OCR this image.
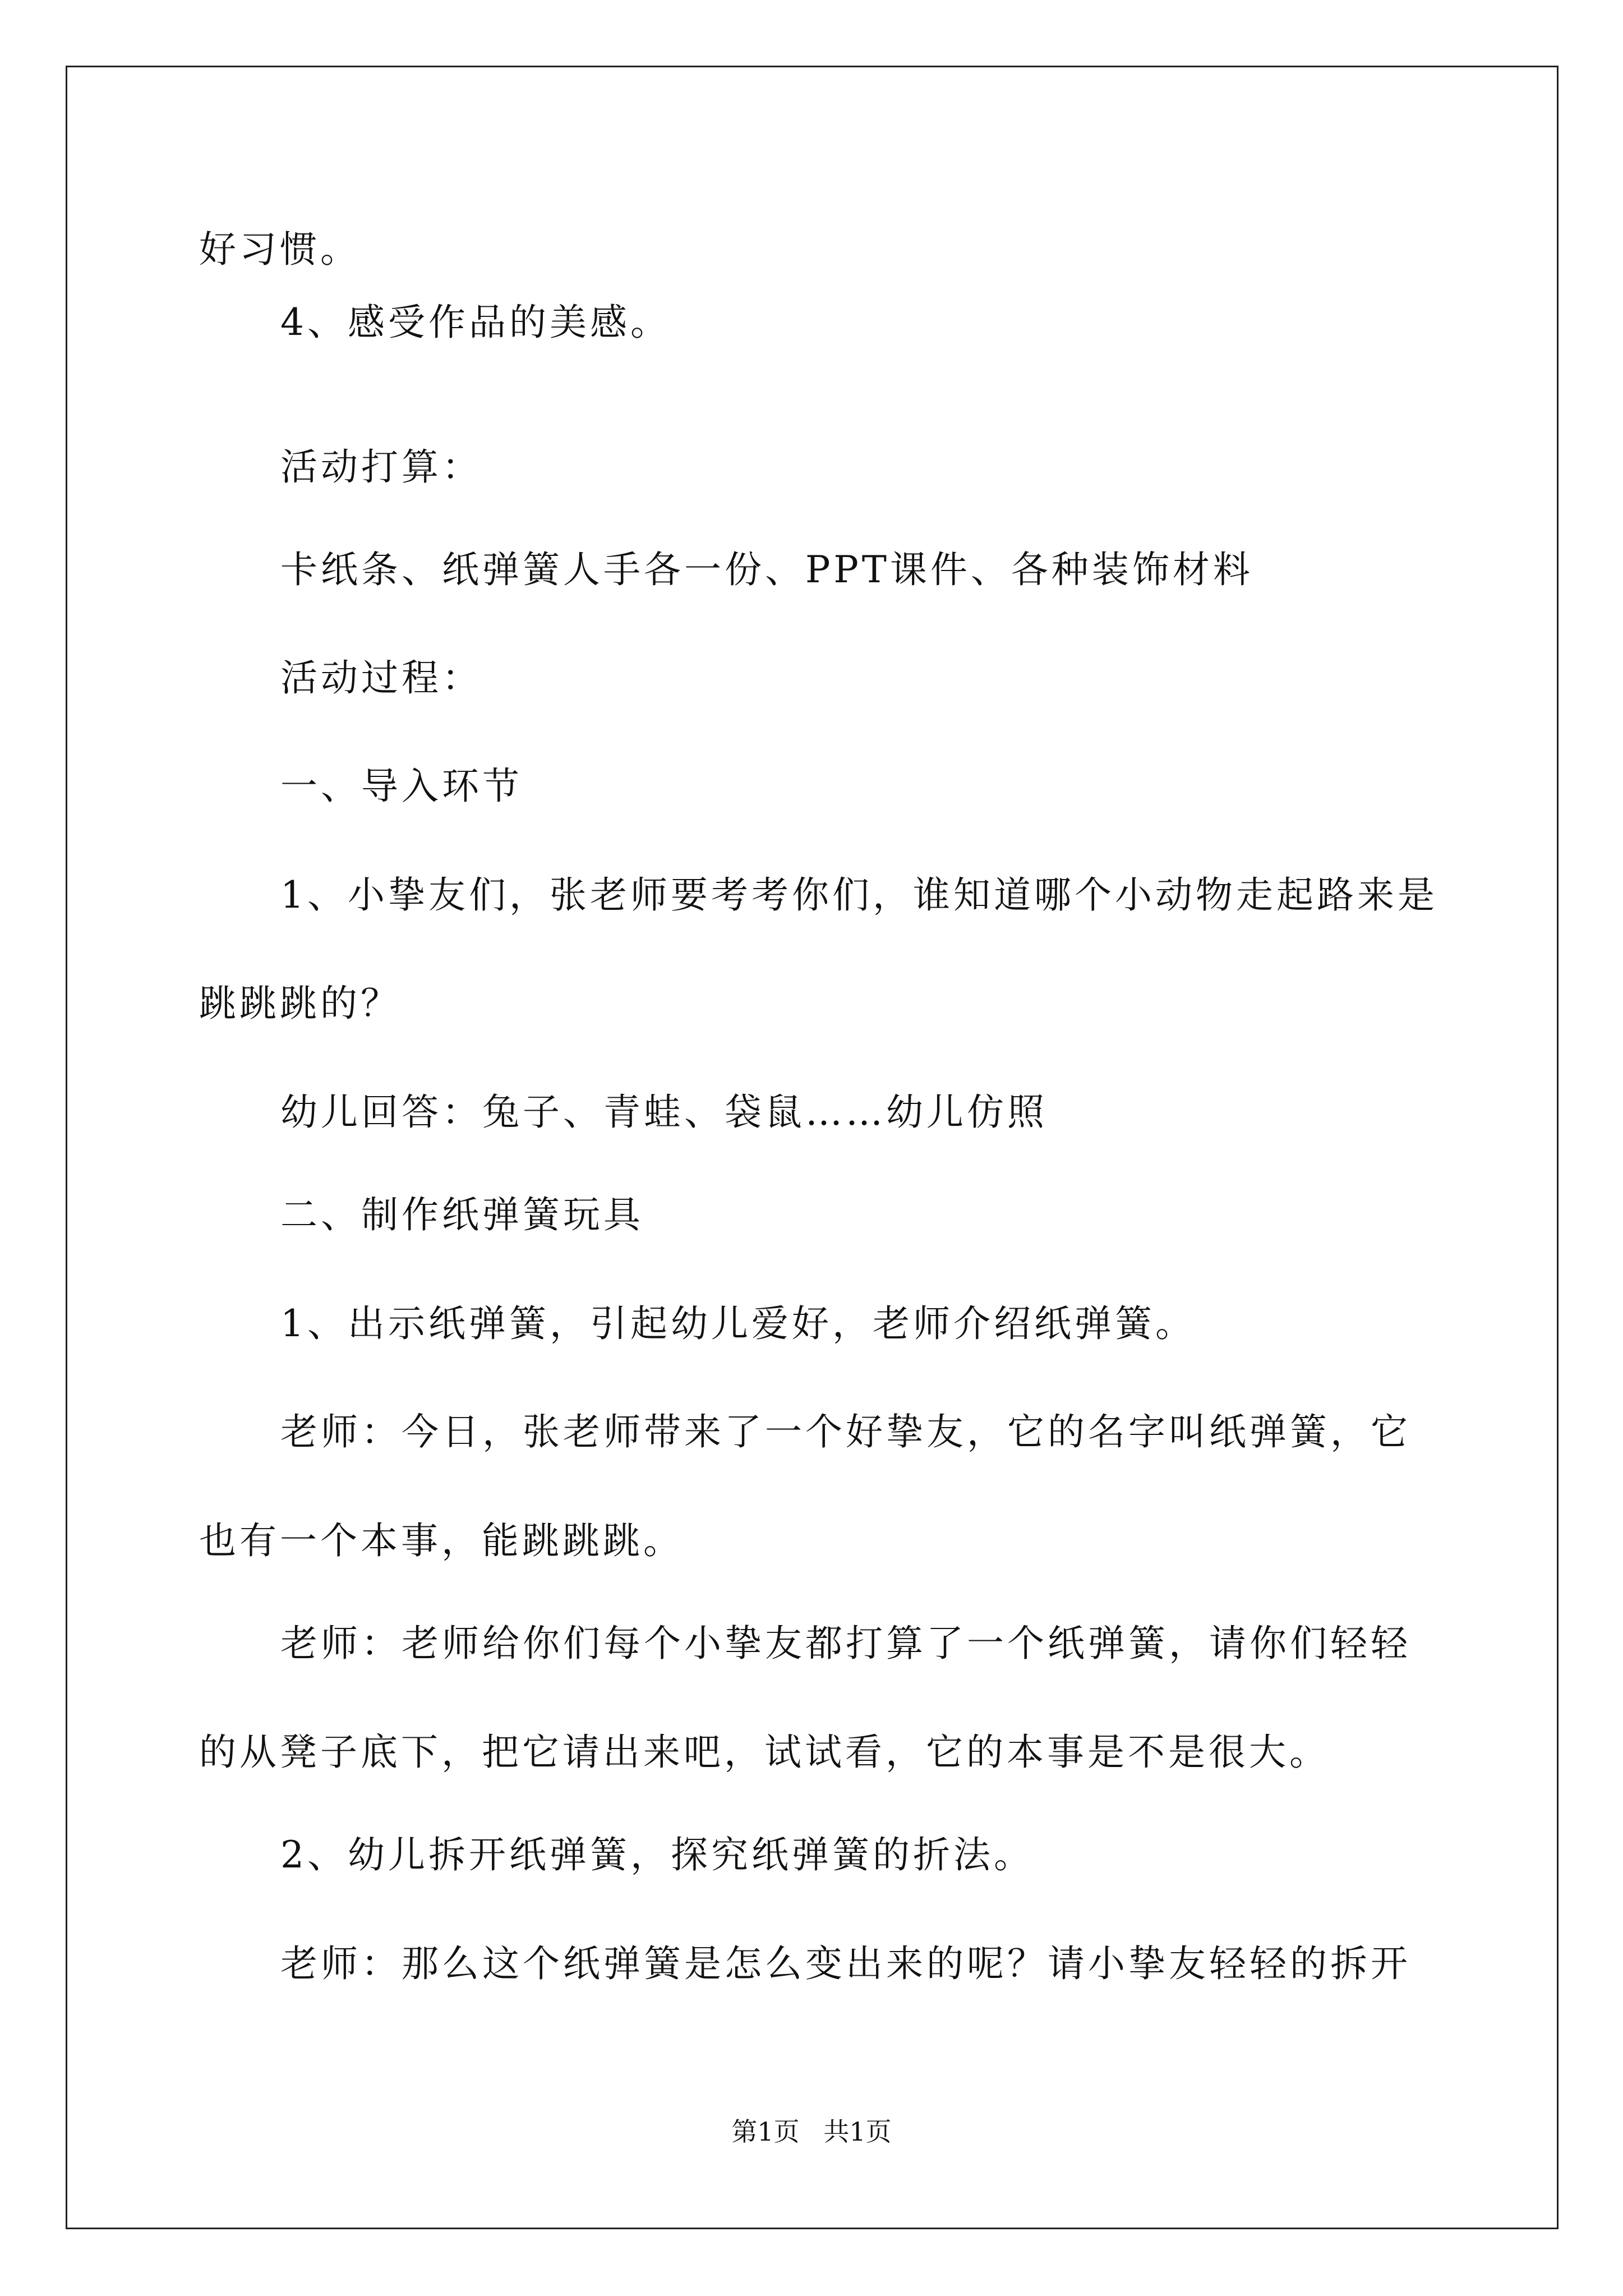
好习惯。
4、感受作品的美感。
活动打算：
卡纸条、纸弹簧人手各一份、PPT课件、各种装饰材料
活动过程：
一、导入环节
1、小挚友们，张老师要考考你们，谁知道哪个小动物走起路来是
跳跳跳的？
幼儿回答：兔子、青蛙、袋鼠……幼儿仿照
二、制作纸弹簧玩具
1、出示纸弹簧，引起幼儿爱好，老师介绍纸弹簧。
老师：今日，张老师带来了一个好挚友，它的名字叫纸弹簧，它
也有一个本事，能跳跳跳。
老师：老师给你们每个小挚友都打算了一个纸弹簧，请你们轻轻
的从凳子底下，把它请出来吧，试试看，它的本事是不是很大。
2、幼儿拆开纸弹簧，探究纸弹簧的折法。
老师：那么这个纸弹簧是怎么变出来的呢？请小挚友轻轻的拆开
第1页 共1页
